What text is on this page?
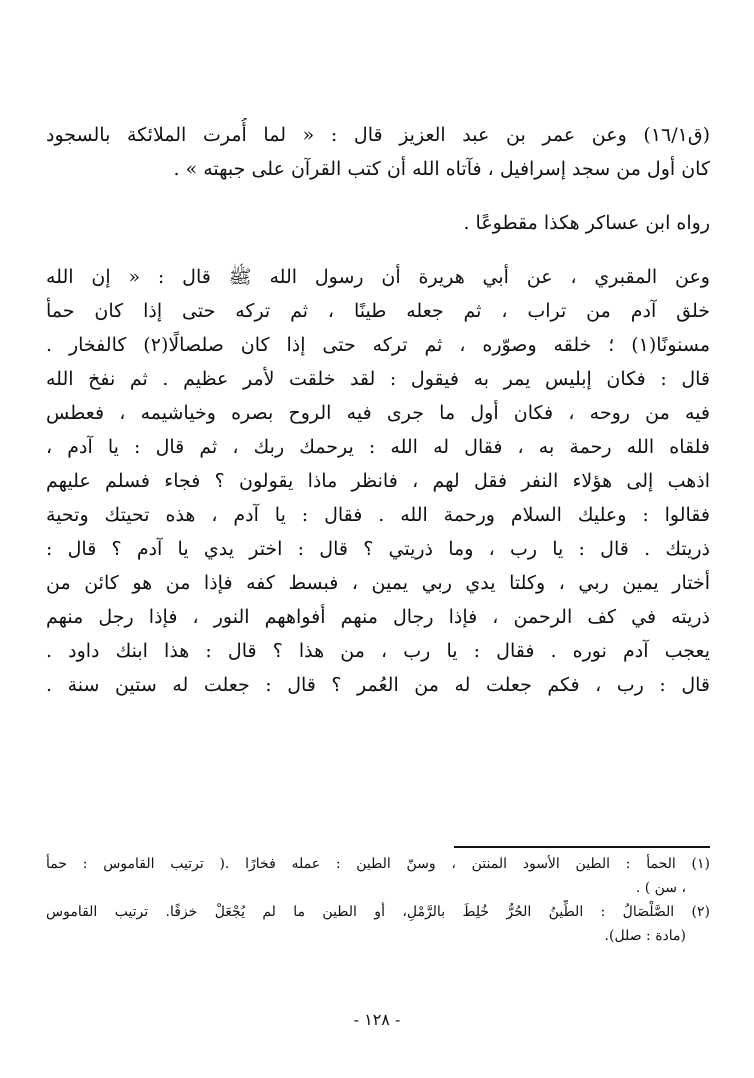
(ق١٦/١) وعن عمر بن عبد العزيز قال : « لما أُمرت الملائكة بالسجود
كان أول من سجد إسرافيل ، فآتاه الله أن كتب القرآن على جبهته » .
رواه ابن عساكر هكذا مقطوعًا .
وعن المقبري ، عن أبي هريرة أن رسول الله ﷺ قال : « إن الله
خلق آدم من تراب ، ثم جعله طينًا ، ثم تركه حتى إذا كان حمأ
مسنونًا(١) ؛ خلقه وصوّره ، ثم تركه حتى إذا كان صلصالًا(٢) كالفخار .
قال : فكان إبليس يمر به فيقول : لقد خلقت لأمر عظيم . ثم نفخ الله
فيه من روحه ، فكان أول ما جرى فيه الروح بصره وخياشيمه ، فعطس
فلقاه الله رحمة به ، فقال له الله : يرحمك ربك ، ثم قال : يا آدم ،
اذهب إلى هؤلاء النفر فقل لهم ، فانظر ماذا يقولون ؟ فجاء فسلم عليهم
فقالوا : وعليك السلام ورحمة الله . فقال : يا آدم ، هذه تحيتك وتحية
ذريتك . قال : يا رب ، وما ذريتي ؟ قال : اختر يدي يا آدم ؟ قال :
أختار يمين ربي ، وكلتا يدي ربي يمين ، فبسط كفه فإذا من هو كائن من
ذريته في كف الرحمن ، فإذا رجال منهم أفواههم النور ، فإذا رجل منهم
يعجب آدم نوره . فقال : يا رب ، من هذا ؟ قال : هذا ابنك داود .
قال : رب ، فكم جعلت له من العُمر ؟ قال : جعلت له ستين سنة .
(١) الحمأ : الطين الأسود المنتن ، وسنّ الطين : عمله فخارًا .( ترتيب القاموس : حمأ
، سن ) .
(٢) الصَّلْصَالُ : الطِّينُ الحُرُّ خُلِطَ بالرَّمْلِ، أو الطين ما لم يُجْعَلْ خزفًا. ترتيب القاموس
(مادة : صلل).
- ١٢٨ -
